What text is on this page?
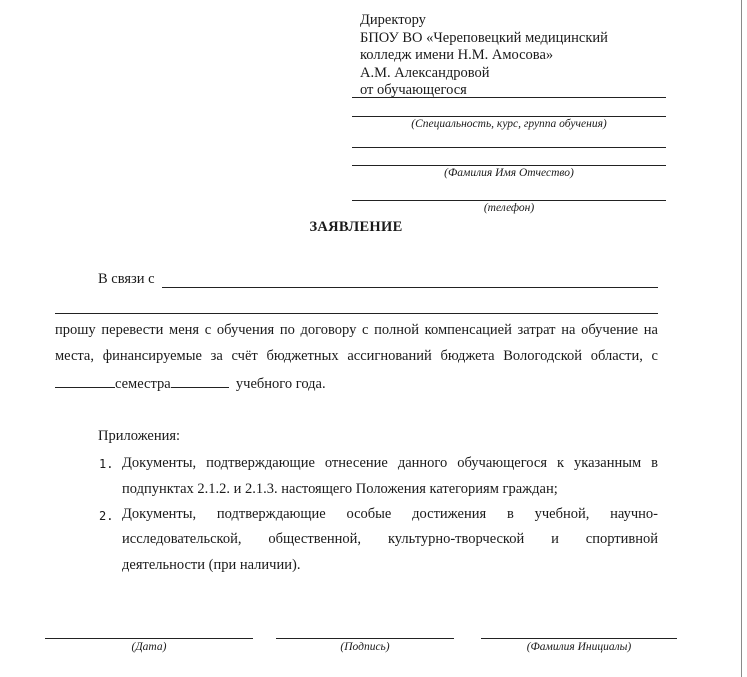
Директору
БПОУ ВО «Череповецкий медицинский
колледж имени Н.М. Амосова»
А.М. Александровой
от обучающегося
(Специальность, курс, группа обучения)
(Фамилия Имя Отчество)
(телефон)
ЗАЯВЛЕНИЕ
В связи с
прошу перевести меня с обучения по договору с полной компенсацией затрат на обучение на
места, финансируемые за счёт бюджетных ассигнований бюджета Вологодской области, с
семестра	учебного года.
Приложения:
1. Документы, подтверждающие отнесение данного обучающегося к указанным в
подпунктах 2.1.2. и 2.1.3. настоящего Положения категориям граждан;
2. Документы, подтверждающие особые достижения в учебной, научно-
исследовательской, общественной, культурно-творческой и спортивной
деятельности (при наличии).
(Дата)	(Подпись)	(Фамилия Инициалы)
